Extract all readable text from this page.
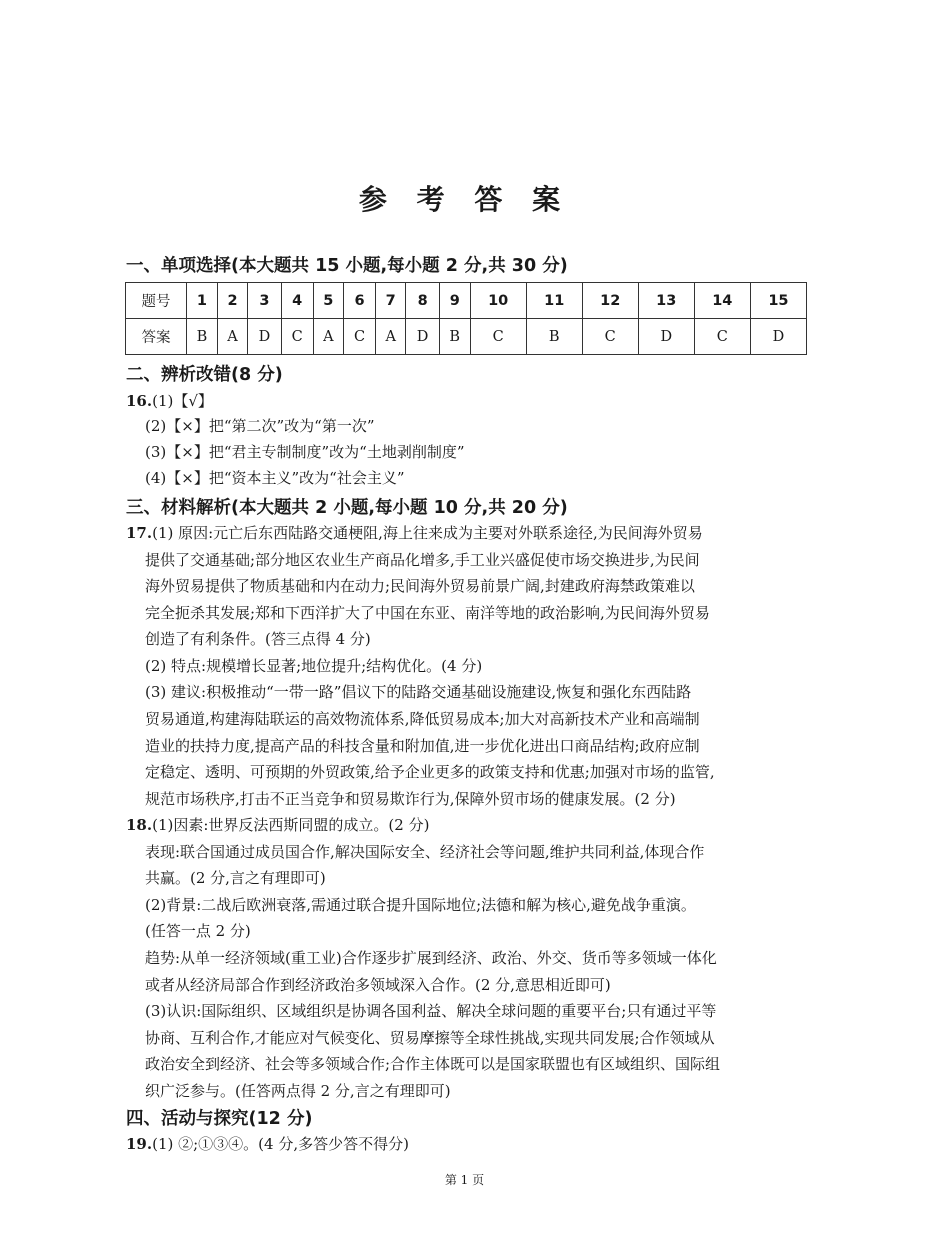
参 考 答 案
一、单项选择(本大题共 15 小题,每小题 2 分,共 30 分)
题号	1	2	3	4	5	6	7	8	9	10	11	12	13	14	15
答案	B	A	D	C	A	C	A	D	B	C	B	C	D	C	D
二、辨析改错(8 分)
16.(1)【√】
(2)【×】把“第二次”改为“第一次”
(3)【×】把“君主专制制度”改为“土地剥削制度”
(4)【×】把“资本主义”改为“社会主义”
三、材料解析(本大题共 2 小题,每小题 10 分,共 20 分)
17.(1) 原因:元亡后东西陆路交通梗阻,海上往来成为主要对外联系途径,为民间海外贸易
提供了交通基础;部分地区农业生产商品化增多,手工业兴盛促使市场交换进步,为民间
海外贸易提供了物质基础和内在动力;民间海外贸易前景广阔,封建政府海禁政策难以
完全扼杀其发展;郑和下西洋扩大了中国在东亚、南洋等地的政治影响,为民间海外贸易
创造了有利条件。(答三点得 4 分)
(2) 特点:规模增长显著;地位提升;结构优化。(4 分)
(3) 建议:积极推动“一带一路”倡议下的陆路交通基础设施建设,恢复和强化东西陆路
贸易通道,构建海陆联运的高效物流体系,降低贸易成本;加大对高新技术产业和高端制
造业的扶持力度,提高产品的科技含量和附加值,进一步优化进出口商品结构;政府应制
定稳定、透明、可预期的外贸政策,给予企业更多的政策支持和优惠;加强对市场的监管,
规范市场秩序,打击不正当竞争和贸易欺诈行为,保障外贸市场的健康发展。(2 分)
18.(1)因素:世界反法西斯同盟的成立。(2 分)
表现:联合国通过成员国合作,解决国际安全、经济社会等问题,维护共同利益,体现合作
共赢。(2 分,言之有理即可)
(2)背景:二战后欧洲衰落,需通过联合提升国际地位;法德和解为核心,避免战争重演。
(任答一点 2 分)
趋势:从单一经济领域(重工业)合作逐步扩展到经济、政治、外交、货币等多领域一体化
或者从经济局部合作到经济政治多领域深入合作。(2 分,意思相近即可)
(3)认识:国际组织、区域组织是协调各国利益、解决全球问题的重要平台;只有通过平等
协商、互利合作,才能应对气候变化、贸易摩擦等全球性挑战,实现共同发展;合作领域从
政治安全到经济、社会等多领域合作;合作主体既可以是国家联盟也有区域组织、国际组
织广泛参与。(任答两点得 2 分,言之有理即可)
四、活动与探究(12 分)
19.(1) ②;①③④。(4 分,多答少答不得分)
第 1 页
